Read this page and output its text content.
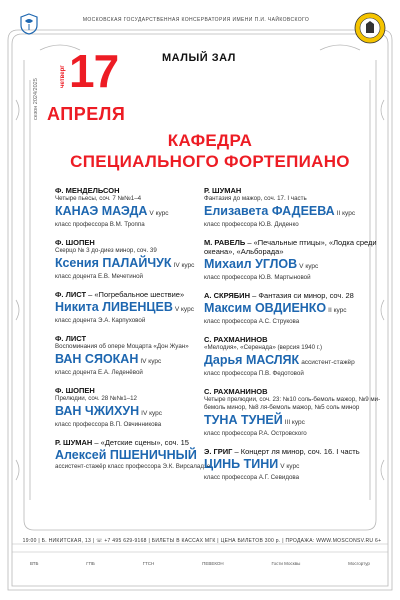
МОСКОВСКАЯ ГОСУДАРСТВЕННАЯ КОНСЕРВАТОРИЯ ИМЕНИ П.И. ЧАЙКОВСКОГО
МАЛЫЙ ЗАЛ
сезон 2024/2025
четверг 17
АПРЕЛЯ
КАФЕДРА
СПЕЦИАЛЬНОГО ФОРТЕПИАНО
Ф. МЕНДЕЛЬСОН
Четыре пьесы, соч. 7 №№1–4
КАНАЭ МАЭДА V курс
класс профессора В.М. Троппа
Ф. ШОПЕН
Скерцо № 3 до-диез минор, соч. 39
Ксения ПАЛАЙЧУК IV курс
класс доцента Е.В. Мечетиной
Ф. ЛИСТ – «Погребальное шествие»
Никита ЛИВЕНЦЕВ V курс
класс доцента Э.А. Карпуховой
Ф. ЛИСТ
Воспоминания об опере Моцарта «Дон Жуан»
ВАН СЯОКАН IV курс
класс доцента Е.А. Леденёвой
Ф. ШОПЕН
Прелюдии, соч. 28 №№1–12
ВАН ЧЖИХУН IV курс
класс профессора В.П. Овчинникова
Р. ШУМАН – «Детские сцены», соч. 15
Алексей ПШЕНИЧНЫЙ
ассистент-стажёр класс профессора Э.К. Вирсаладзе
Р. ШУМАН
Фантазия до мажор, соч. 17. I часть
Елизавета ФАДЕЕВА II курс
класс профессора Ю.В. Диденко
М. РАВЕЛЬ – «Печальные птицы», «Лодка среди океана», «Альборада»
Михаил УГЛОВ V курс
класс профессора Ю.В. Мартыновой
А. СКРЯБИН – Фантазия си минор, соч. 28
Максим ОВДИЕНКО II курс
класс профессора А.С. Струкова
С. РАХМАНИНОВ
«Мелодия», «Серенада» (версия 1940 г.)
Дарья МАСЛЯК ассистент-стажёр
класс профессора П.В. Федотовой
С. РАХМАНИНОВ
Четыре прелюдии, соч. 23: №10 соль-бемоль мажор, №9 ми-бемоль минор, №8 ля-бемоль мажор, №5 соль минор
ТУНА ТУНЕЙ III курс
класс профессора Р.А. Островского
Э. ГРИГ – Концерт ля минор, соч. 16. I часть
ЦИНЬ ТИНИ V курс
класс профессора А.Г. Севидова
19:00 | Б. НИКИТСКАЯ, 13 | ☏ +7 495 629-9168 | БИЛЕТЫ В КАССАХ МГК | ЦЕНА БИЛЕТОВ 300 р. | ПРОДАЖА: WWW.MOSCONSV.RU 6+
ВТБ	ГПБ	ГТСН	ПЕВЕКОН	Гости Москвы	Мосгортур
